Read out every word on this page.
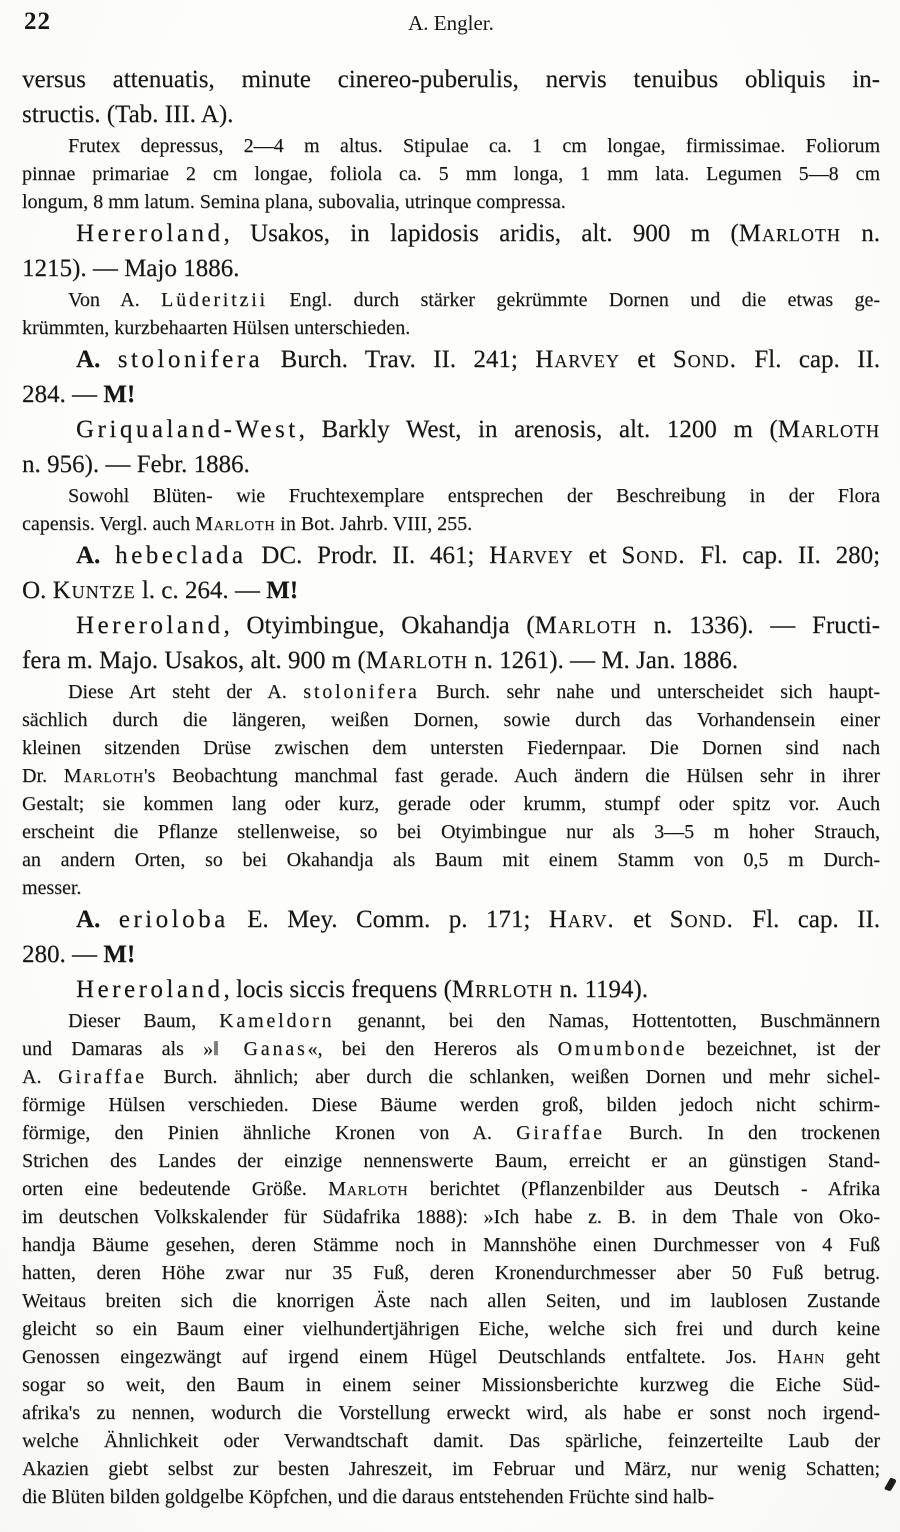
22	A. Engler.
versus attenuatis, minute cinereo-puberulis, nervis tenuibus obliquis in-
structis. (Tab. III. A).
Frutex depressus, 2—4 m altus. Stipulae ca. 1 cm longae, firmissimae. Foliorum
pinnae primariae 2 cm longae, foliola ca. 5 mm longa, 1 mm lata. Legumen 5—8 cm
longum, 8 mm latum. Semina plana, subovalia, utrinque compressa.
Hereroland, Usakos, in lapidosis aridis, alt. 900 m (Marloth n.
1215). — Majo 1886.
Von A. Lüderitzii Engl. durch stärker gekrümmte Dornen und die etwas ge-
krümmten, kurzbehaarten Hülsen unterschieden.
A. stolonifera Burch. Trav. II. 241; Harvey et Sond. Fl. cap. II.
284. — M!
Griqualand-West, Barkly West, in arenosis, alt. 1200 m (Marloth
n. 956). — Febr. 1886.
Sowohl Blüten- wie Fruchtexemplare entsprechen der Beschreibung in der Flora
capensis. Vergl. auch Marloth in Bot. Jahrb. VIII, 255.
A. hebeclada DC. Prodr. II. 461; Harvey et Sond. Fl. cap. II. 280;
O. Kuntze l. c. 264. — M!
Hereroland, Otyimbingue, Okahandja (Marloth n. 1336). — Fructi-
fera m. Majo. Usakos, alt. 900 m (Marloth n. 1261). — M. Jan. 1886.
Diese Art steht der A. stolonifera Burch. sehr nahe und unterscheidet sich haupt-
sächlich durch die längeren, weißen Dornen, sowie durch das Vorhandensein einer
kleinen sitzenden Drüse zwischen dem untersten Fiedernpaar. Die Dornen sind nach
Dr. Marloth's Beobachtung manchmal fast gerade. Auch ändern die Hülsen sehr in ihrer
Gestalt; sie kommen lang oder kurz, gerade oder krumm, stumpf oder spitz vor. Auch
erscheint die Pflanze stellenweise, so bei Otyimbingue nur als 3—5 m hoher Strauch,
an andern Orten, so bei Okahandja als Baum mit einem Stamm von 0,5 m Durch-
messer.
A. erioloba E. Mey. Comm. p. 171; Harv. et Sond. Fl. cap. II.
280. — M!
Hereroland, locis siccis frequens (Mrrloth n. 1194).
Dieser Baum, Kameldorn genannt, bei den Namas, Hottentotten, Buschmännern
und Damaras als »‖ Ganas«, bei den Hereros als Omumbonde bezeichnet, ist der
A. Giraffae Burch. ähnlich; aber durch die schlanken, weißen Dornen und mehr sichel-
förmige Hülsen verschieden. Diese Bäume werden groß, bilden jedoch nicht schirm-
förmige, den Pinien ähnliche Kronen von A. Giraffae Burch. In den trockenen
Strichen des Landes der einzige nennenswerte Baum, erreicht er an günstigen Stand-
orten eine bedeutende Größe. Marloth berichtet (Pflanzenbilder aus Deutsch - Afrika
im deutschen Volkskalender für Südafrika 1888): »Ich habe z. B. in dem Thale von Oko-
handja Bäume gesehen, deren Stämme noch in Mannshöhe einen Durchmesser von 4 Fuß
hatten, deren Höhe zwar nur 35 Fuß, deren Kronendurchmesser aber 50 Fuß betrug.
Weitaus breiten sich die knorrigen Äste nach allen Seiten, und im laublosen Zustande
gleicht so ein Baum einer vielhundertjährigen Eiche, welche sich frei und durch keine
Genossen eingezwängt auf irgend einem Hügel Deutschlands entfaltete. Jos. Hahn geht
sogar so weit, den Baum in einem seiner Missionsberichte kurzweg die Eiche Süd-
afrika's zu nennen, wodurch die Vorstellung erweckt wird, als habe er sonst noch irgend-
welche Ähnlichkeit oder Verwandtschaft damit. Das spärliche, feinzerteilte Laub der
Akazien giebt selbst zur besten Jahreszeit, im Februar und März, nur wenig Schatten;
die Blüten bilden goldgelbe Köpfchen, und die daraus entstehenden Früchte sind halb-
